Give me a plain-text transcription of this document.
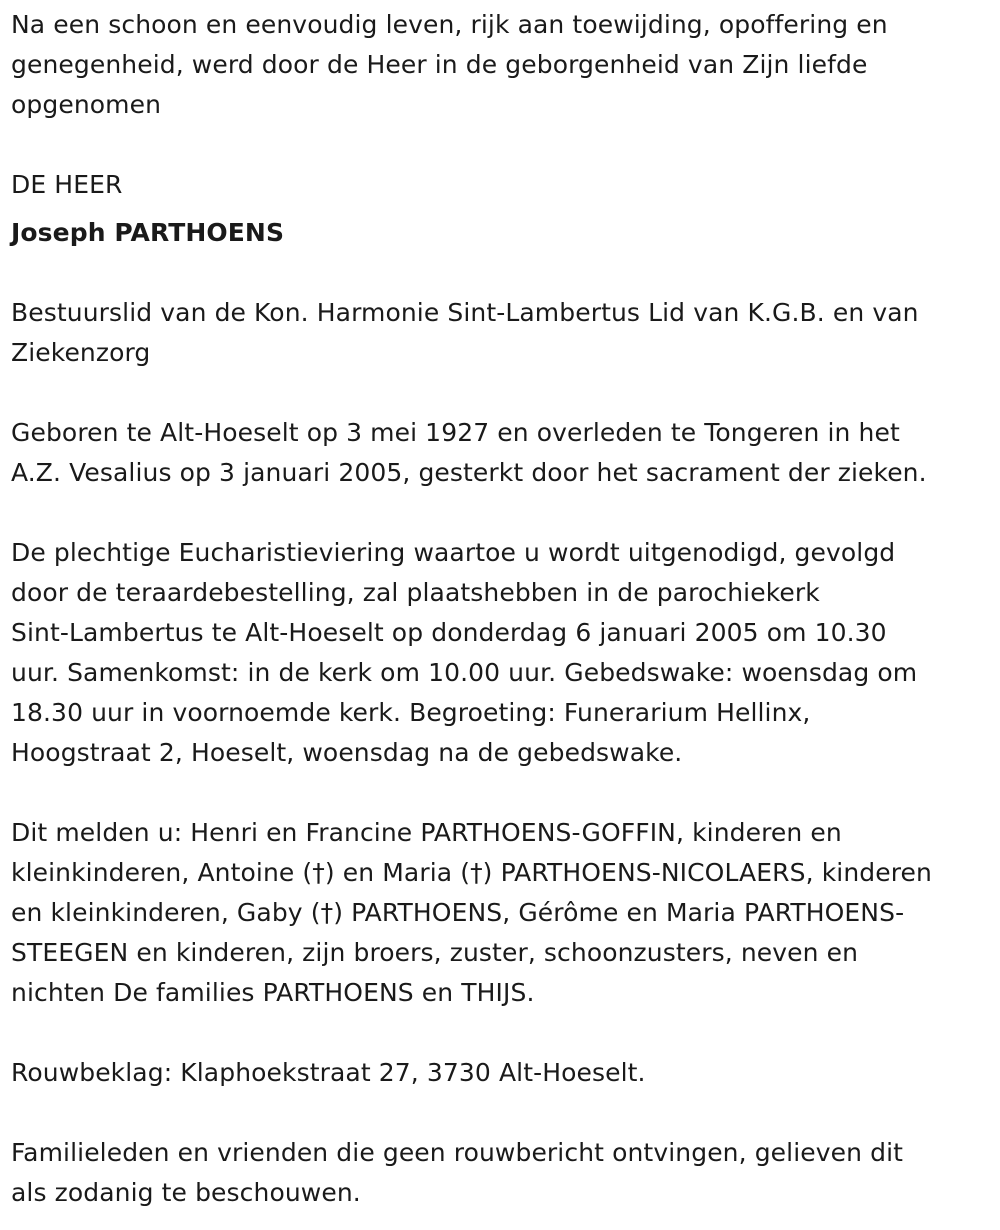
Na een schoon en eenvoudig leven, rijk aan toewijding, opoffering en
genegenheid, werd door de Heer in de geborgenheid van Zijn liefde
opgenomen
DE HEER
Joseph PARTHOENS
Bestuurslid van de Kon. Harmonie Sint-Lambertus Lid van K.G.B. en van
Ziekenzorg
Geboren te Alt-Hoeselt op 3 mei 1927 en overleden te Tongeren in het
A.Z. Vesalius op 3 januari 2005, gesterkt door het sacrament der zieken.
De plechtige Eucharistieviering waartoe u wordt uitgenodigd, gevolgd
door de teraardebestelling, zal plaatshebben in de parochiekerk
Sint-Lambertus te Alt-Hoeselt op donderdag 6 januari 2005 om 10.30
uur. Samenkomst: in de kerk om 10.00 uur. Gebedswake: woensdag om
18.30 uur in voornoemde kerk. Begroeting: Funerarium Hellinx,
Hoogstraat 2, Hoeselt, woensdag na de gebedswake.
Dit melden u: Henri en Francine PARTHOENS-GOFFIN, kinderen en
kleinkinderen, Antoine (†) en Maria (†) PARTHOENS-NICOLAERS, kinderen
en kleinkinderen, Gaby (†) PARTHOENS, Gérôme en Maria PARTHOENS-
STEEGEN en kinderen, zijn broers, zuster, schoonzusters, neven en
nichten De families PARTHOENS en THIJS.
Rouwbeklag: Klaphoekstraat 27, 3730 Alt-Hoeselt.
Familieleden en vrienden die geen rouwbericht ontvingen, gelieven dit
als zodanig te beschouwen.
